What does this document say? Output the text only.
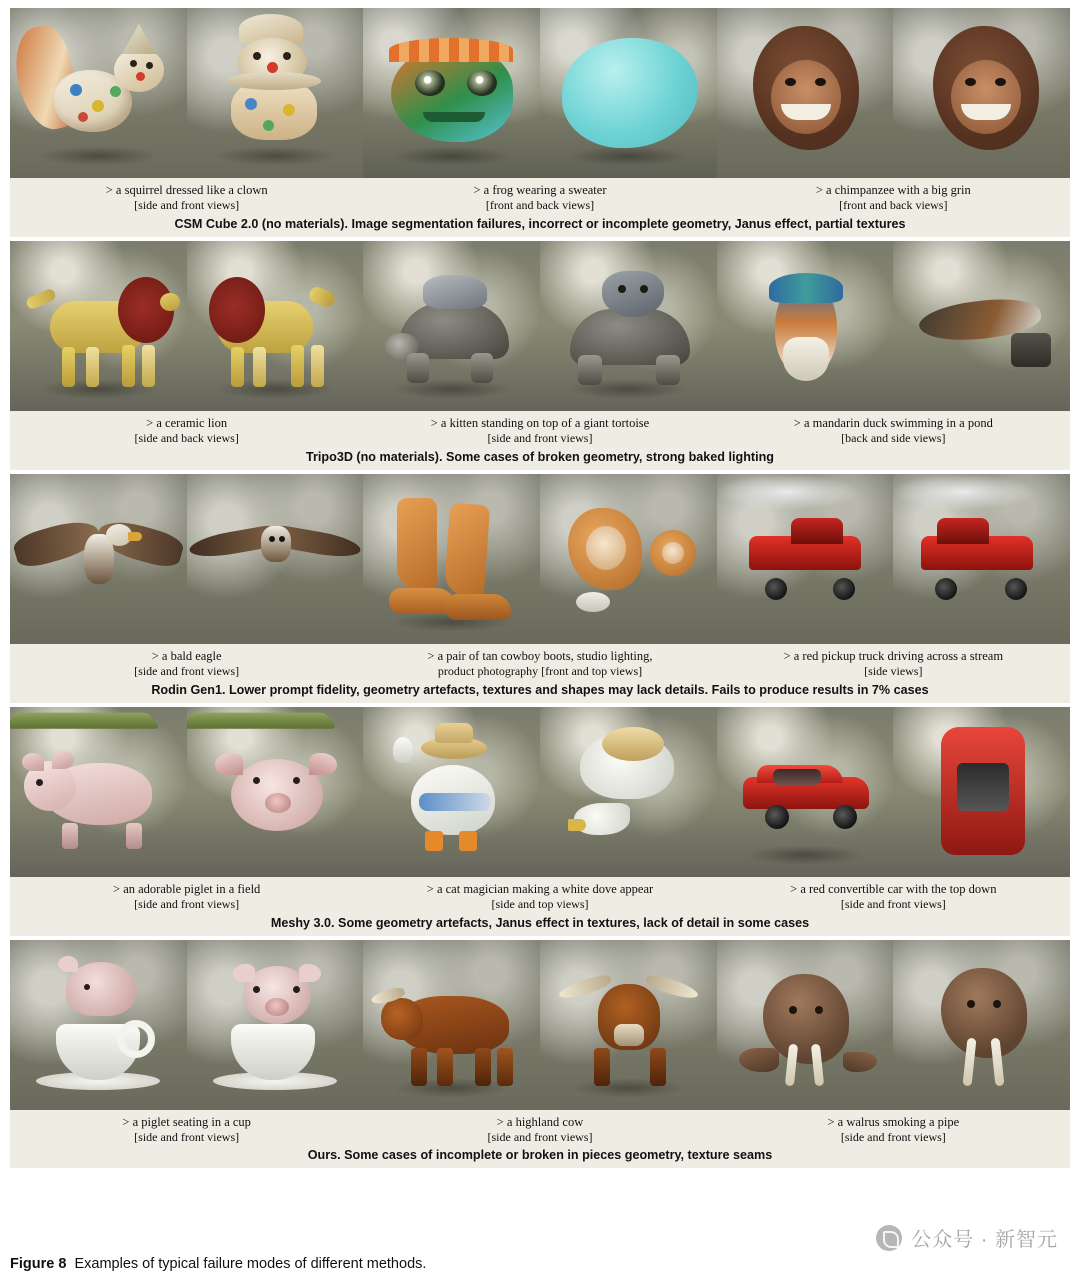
> a squirrel dressed like a clown
[side and front views]
> a frog wearing a sweater
[front and back views]
> a chimpanzee with a big grin
[front and back views]
CSM Cube 2.0 (no materials). Image segmentation failures, incorrect or incomplete geometry, Janus effect, partial textures
> a ceramic lion
[side and back views]
> a kitten standing on top of a giant tortoise
[side and front views]
> a mandarin duck swimming in a pond
[back and side views]
Tripo3D (no materials). Some cases of broken geometry, strong baked lighting
> a bald eagle
[side and front views]
> a pair of tan cowboy boots, studio lighting,
product photography [front and top views]
> a red pickup truck driving across a stream
[side views]
Rodin Gen1. Lower prompt fidelity, geometry artefacts, textures and shapes may lack details. Fails to produce results in 7% cases
> an adorable piglet in a field
[side and front views]
> a cat magician making a white dove appear
[side and top views]
> a red convertible car with the top down
[side and front views]
Meshy 3.0. Some geometry artefacts, Janus effect in textures, lack of detail in some cases
> a piglet seating in a cup
[side and front views]
> a highland cow
[side and front views]
> a walrus smoking a pipe
[side and front views]
Ours. Some cases of incomplete or broken in pieces geometry, texture seams
Figure 8 Examples of typical failure modes of different methods.
公众号 · 新智元
